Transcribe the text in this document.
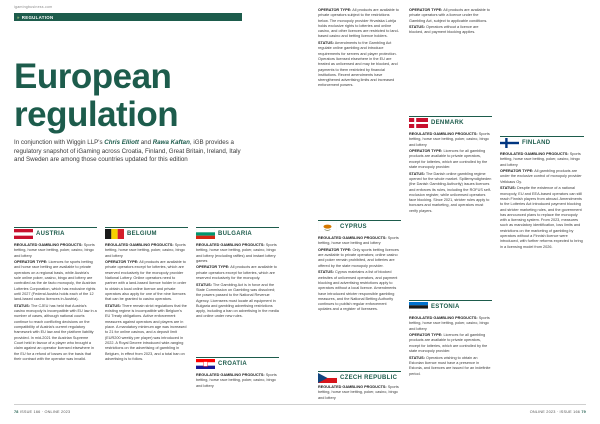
igamingbusiness.com
» REGULATION
European
regulation
In conjunction with Wiggin LLP's Chris Elliott and Rawa Kaftan, iGB provides a regulatory snapshot of iGaming across Croatia, Finland, Great Britain, Ireland, Italy and Sweden are among those countries updated for this edition
AUSTRIA

REGULATED GAMBLING PRODUCTS: Sports betting, horse race betting, poker, casino, bingo and lottery

OPERATOR TYPE: Licences for sports betting and horse race betting are available to private operators on a regional basis, while Austria's sole online poker, casino, bingo and lottery are controlled as the de facto monopoly, the Austrian Lotteries Corporation, which has exclusive rights until 2027 (Federal Austria holds each of the 12 land-based casino licences in Austria).

STATUS: The CJEU has held that Austria's casino monopoly is incompatible with EU law in a number of cases, although national courts continue to reach conflicting decisions on the compatibility of Austria's current regulatory framework with EU law and the platform liability provided. In mid-2021 the Austrian Supreme Court held in favour of a player who brought a claim against an operator licensed elsewhere in the EU for a refund of losses on the basis that their contract with the operator was invalid.

BELGIUM

REGULATED GAMBLING PRODUCTS: Sports betting, horse race betting, poker, casino, bingo and lottery

OPERATOR TYPE: All products are available to private operators except for lotteries, which are reserved exclusively for the monopoly provider National Lottery. Online operators need to partner with a land-based licence holder in order to obtain a local online licence and private operators also apply for one of the nine licences that can be granted to casino operators.

STATUS: There remain strict regulations that the existing regime is incompatible with Belgium's EU Treaty obligations. Active enforcement measures against operators and players are in place. A mandatory minimum age was increased to 21 for online casinos, and a deposit limit (EUR200 weekly per player) was introduced in 2022. A Royal Decree introduced wide-ranging restrictions on the advertising of gambling in Belgium, in effect from 2023, and a total ban on advertising is to follow.

BULGARIA

REGULATED GAMBLING PRODUCTS: Sports betting, horse race betting, poker, casino, bingo and lottery (excluding raffles) and instant lottery games

OPERATOR TYPE: All products are available to private operators except for lotteries, which are reserved exclusively for the monopoly.

STATUS: The Gambling Act is in force and the State Commission on Gambling was dissolved; the powers passed to the National Revenue Agency. Licensees must locate all equipment in Bulgaria and gambling advertising restrictions apply, including a ban on advertising in the media and online under new rules.

CROATIA

REGULATED GAMBLING PRODUCTS: Sports betting, horse race betting, poker, casino, bingo and lottery

OPERATOR TYPE: All products are available to private operators subject to the restrictions below. The monopoly provider Hrvatska Lutrija holds exclusive rights to lotteries and online casino, and other licences are restricted to land-based casino and betting licence holders.

STATUS: Amendments to the Gambling Act regulate online gambling and introduce requirements for servers and player protection. Operators licensed elsewhere in the EU are treated as unlicensed and may be blocked, and payments to them restricted by financial institutions. Recent amendments have strengthened advertising limits and increased enforcement powers.

CYPRUS

REGULATED GAMBLING PRODUCTS: Sports betting, horse race betting and lottery

OPERATOR TYPE: Only sports betting licences are available to private operators; online casino and poker remain prohibited, and lotteries are offered by the state monopoly provider.

STATUS: Cyprus maintains a list of blocked websites of unlicensed operators, and payment blocking and advertising restrictions apply to operators without a local licence. Amendments have introduced stricter responsible gambling measures, and the National Betting Authority continues to publish regular enforcement updates and a register of licensees.

CZECH REPUBLIC

REGULATED GAMBLING PRODUCTS: Sports betting, horse race betting, poker, casino, bingo and lottery

OPERATOR TYPE: All products are available to private operators with a licence under the Gambling Act, subject to applicable conditions.

STATUS: Operators without a licence are blocked, and payment blocking applies.

DENMARK

REGULATED GAMBLING PRODUCTS: Sports betting, horse race betting, poker, casino, bingo and lottery

OPERATOR TYPE: Licences for all gambling products are available to private operators, except for lotteries, which are controlled by the state monopoly provider.

STATUS: The Danish online gambling regime opened for the whole market. Spillemyndigheden (the Danish Gambling Authority) issues licences and enforces its rules, including the ROFUS self-exclusion register, while unlicensed operators face blocking. Since 2021, stricter rules apply to bonuses and marketing, and operators must verify players.

ESTONIA

REGULATED GAMBLING PRODUCTS: Sports betting, horse race betting, poker, casino, bingo and lottery

OPERATOR TYPE: Licences for all gambling products are available to private operators, except for lotteries, which are controlled by the state monopoly provider.

STATUS: Operators wishing to obtain an Estonian licence must have a presence in Estonia, and licences are issued for an indefinite period.

FINLAND

REGULATED GAMBLING PRODUCTS: Sports betting, horse race betting, poker, casino, bingo and lottery

OPERATOR TYPE: All gambling products are under the exclusive control of monopoly provider Veikkaus Oy.

STATUS: Despite the existence of a national monopoly, EU and EEA-based operators can still reach Finnish players from abroad. Amendments to the Lotteries Act introduced payment blocking and stricter marketing rules, and the government has announced plans to replace the monopoly with a licensing system. From 2023, measures such as mandatory identification, loss limits and restrictions on the marketing of gambling by operators without a Finnish licence were introduced, with further reforms expected to bring in a licensing model from 2026.

78 ISSUE 166 · ONLINE 2023	ONLINE 2023 · ISSUE 166 79
